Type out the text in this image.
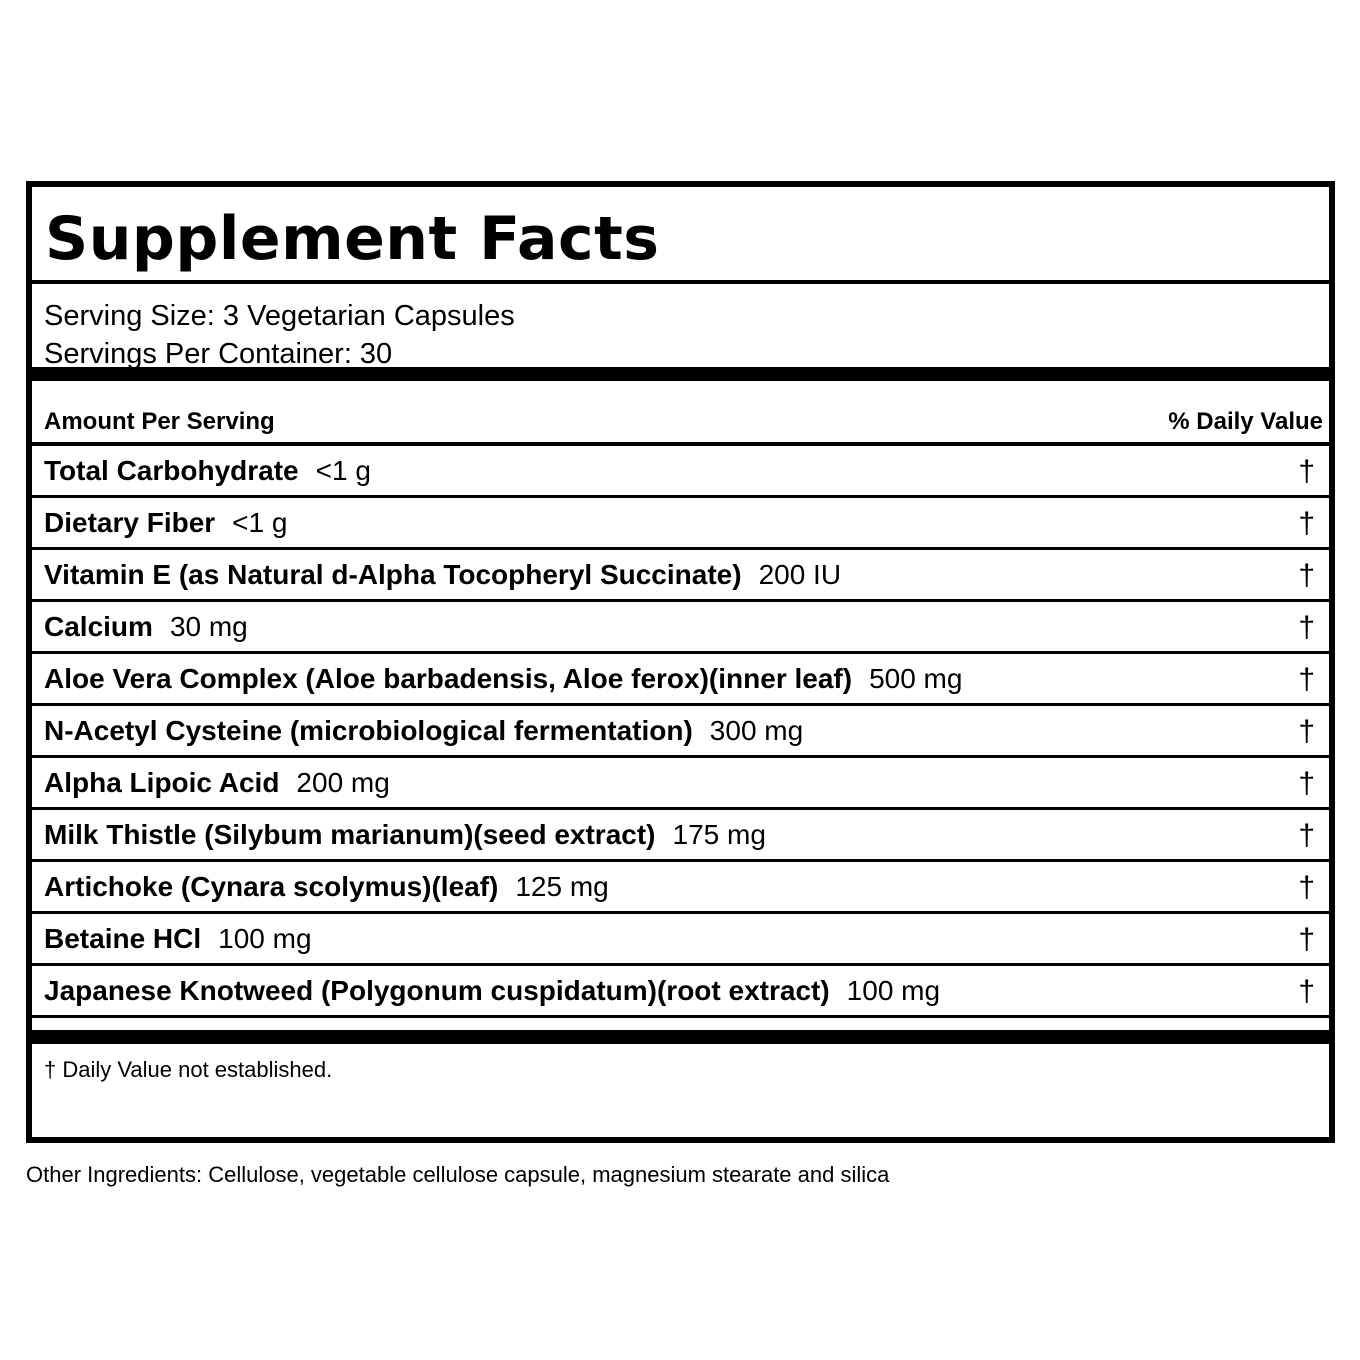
Supplement Facts
Serving Size: 3 Vegetarian Capsules
Servings Per Container: 30
Amount Per Serving	% Daily Value
Total Carbohydrate <1 g	†
Dietary Fiber <1 g	†
Vitamin E (as Natural d-Alpha Tocopheryl Succinate) 200 IU	†
Calcium 30 mg	†
Aloe Vera Complex (Aloe barbadensis, Aloe ferox)(inner leaf) 500 mg	†
N-Acetyl Cysteine (microbiological fermentation) 300 mg	†
Alpha Lipoic Acid 200 mg	†
Milk Thistle (Silybum marianum)(seed extract) 175 mg	†
Artichoke (Cynara scolymus)(leaf) 125 mg	†
Betaine HCl 100 mg	†
Japanese Knotweed (Polygonum cuspidatum)(root extract) 100 mg	†
† Daily Value not established.
Other Ingredients: Cellulose, vegetable cellulose capsule, magnesium stearate and silica
